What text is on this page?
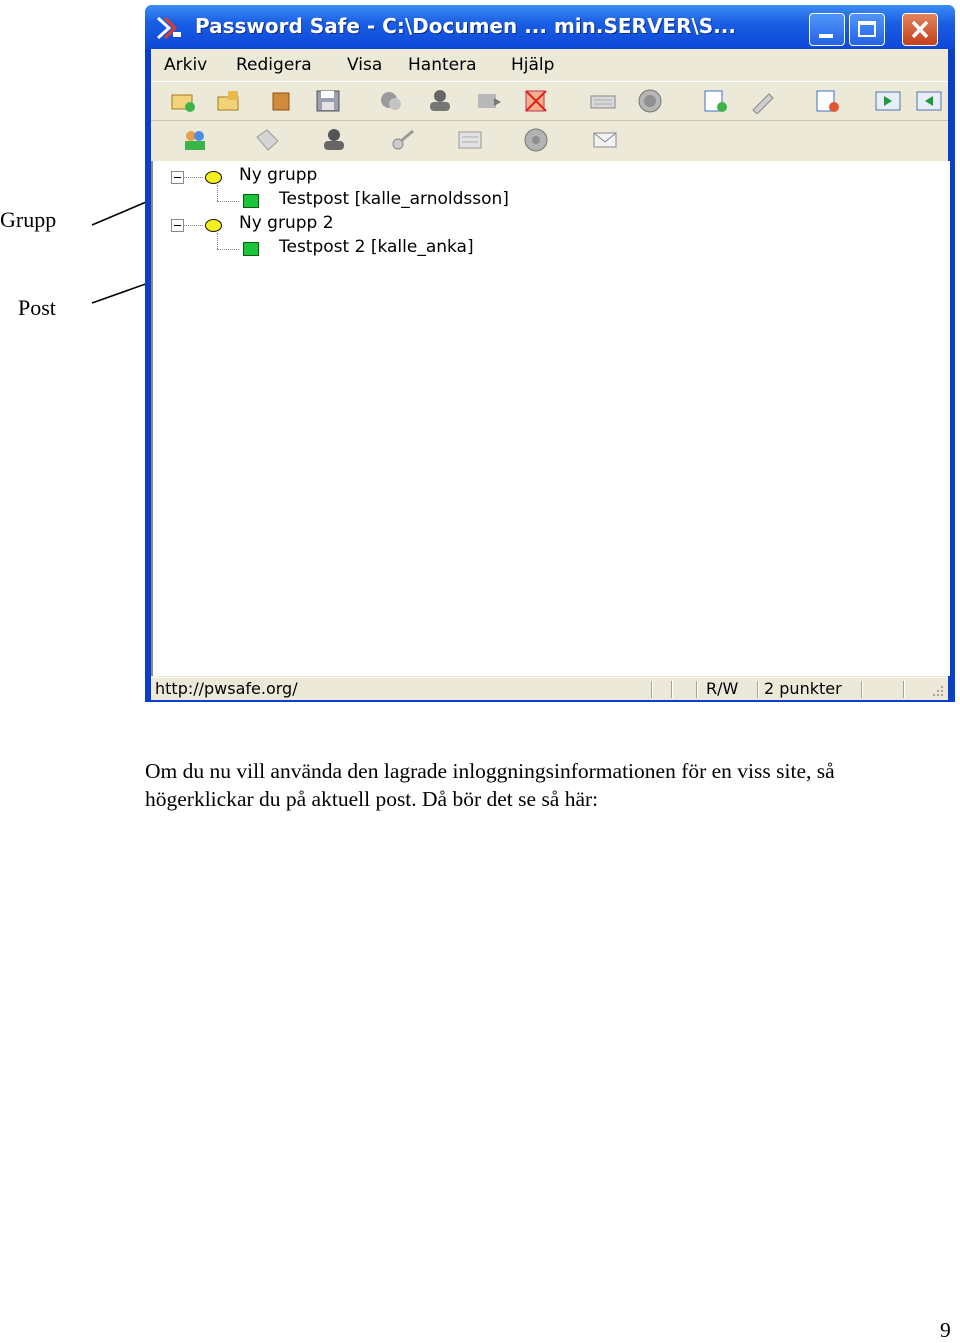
Grupp
Post
Password Safe - C:\Documen ... min.SERVER\S...
Arkiv Redigera Visa Hantera Hjälp
Ny grupp
Testpost [kalle_arnoldsson]
Ny grupp 2
Testpost 2 [kalle_anka]
http://pwsafe.org/	R/W 2 punkter
Om du nu vill använda den lagrade inloggningsinformationen för en viss site, så högerklickar du på aktuell post. Då bör det se så här:
9
